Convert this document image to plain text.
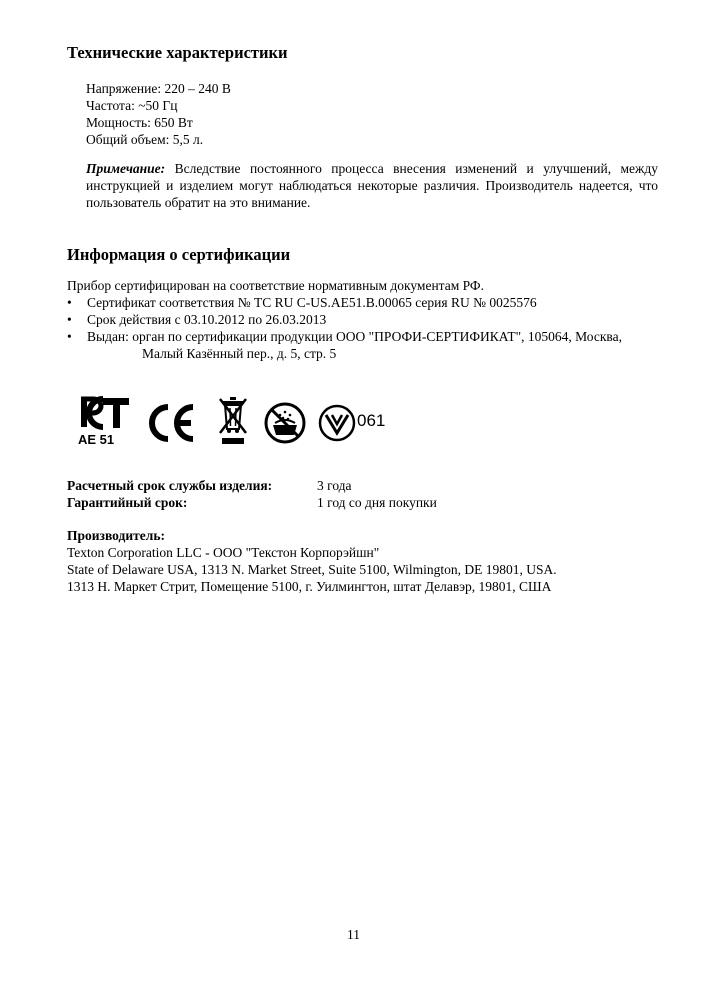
Технические характеристики
Напряжение: 220 – 240 В
Частота: ~50 Гц
Мощность: 650 Вт
Общий объем: 5,5 л.
Примечание: Вследствие постоянного процесса внесения изменений и улучшений, между инструкцией и изделием могут наблюдаться некоторые различия. Производитель надеется, что пользователь обратит на это внимание.
Информация о сертификации
Прибор сертифицирован на соответствие нормативным документам РФ.
• Сертификат соответствия № ТС RU C-US.AE51.B.00065 серия RU № 0025576
• Срок действия с 03.10.2012 по 26.03.2013
• Выдан: орган по сертификации продукции ООО "ПРОФИ-СЕРТИФИКАТ", 105064, Москва,
Малый Казённый пер., д. 5, стр. 5
AE 51
061
Расчетный срок службы изделия:	3 года
Гарантийный срок:	1 год со дня покупки
Производитель:
Texton Corporation LLC - ООО "Текстон Корпорэйшн"
State of Delaware USA, 1313 N. Market Street, Suite 5100, Wilmington, DE 19801, USA.
1313 Н. Маркет Стрит, Помещение 5100, г. Уилмингтон, штат Делавэр, 19801, США
11
